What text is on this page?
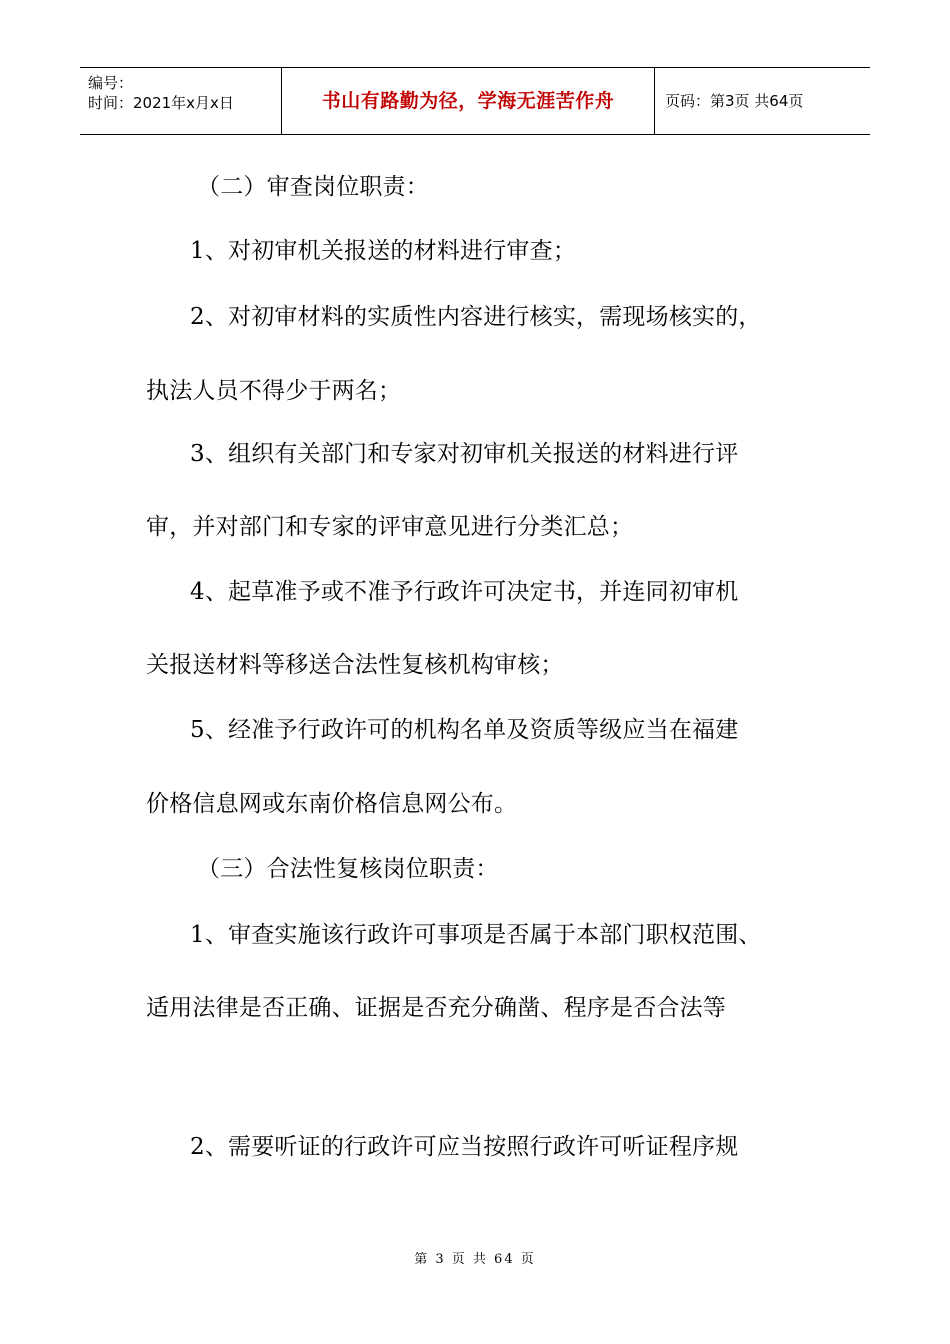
编号：
时间：2021年x月x日	书山有路勤为径，学海无涯苦作舟	页码：第3页 共64页
（二）审查岗位职责：
1、对初审机关报送的材料进行审查；
2、对初审材料的实质性内容进行核实，需现场核实的，
执法人员不得少于两名；
3、组织有关部门和专家对初审机关报送的材料进行评
审，并对部门和专家的评审意见进行分类汇总；
4、起草准予或不准予行政许可决定书，并连同初审机
关报送材料等移送合法性复核机构审核；
5、经准予行政许可的机构名单及资质等级应当在福建
价格信息网或东南价格信息网公布。
（三）合法性复核岗位职责：
1、审查实施该行政许可事项是否属于本部门职权范围、
适用法律是否正确、证据是否充分确凿、程序是否合法等
2、需要听证的行政许可应当按照行政许可听证程序规
第 3 页 共 64 页
